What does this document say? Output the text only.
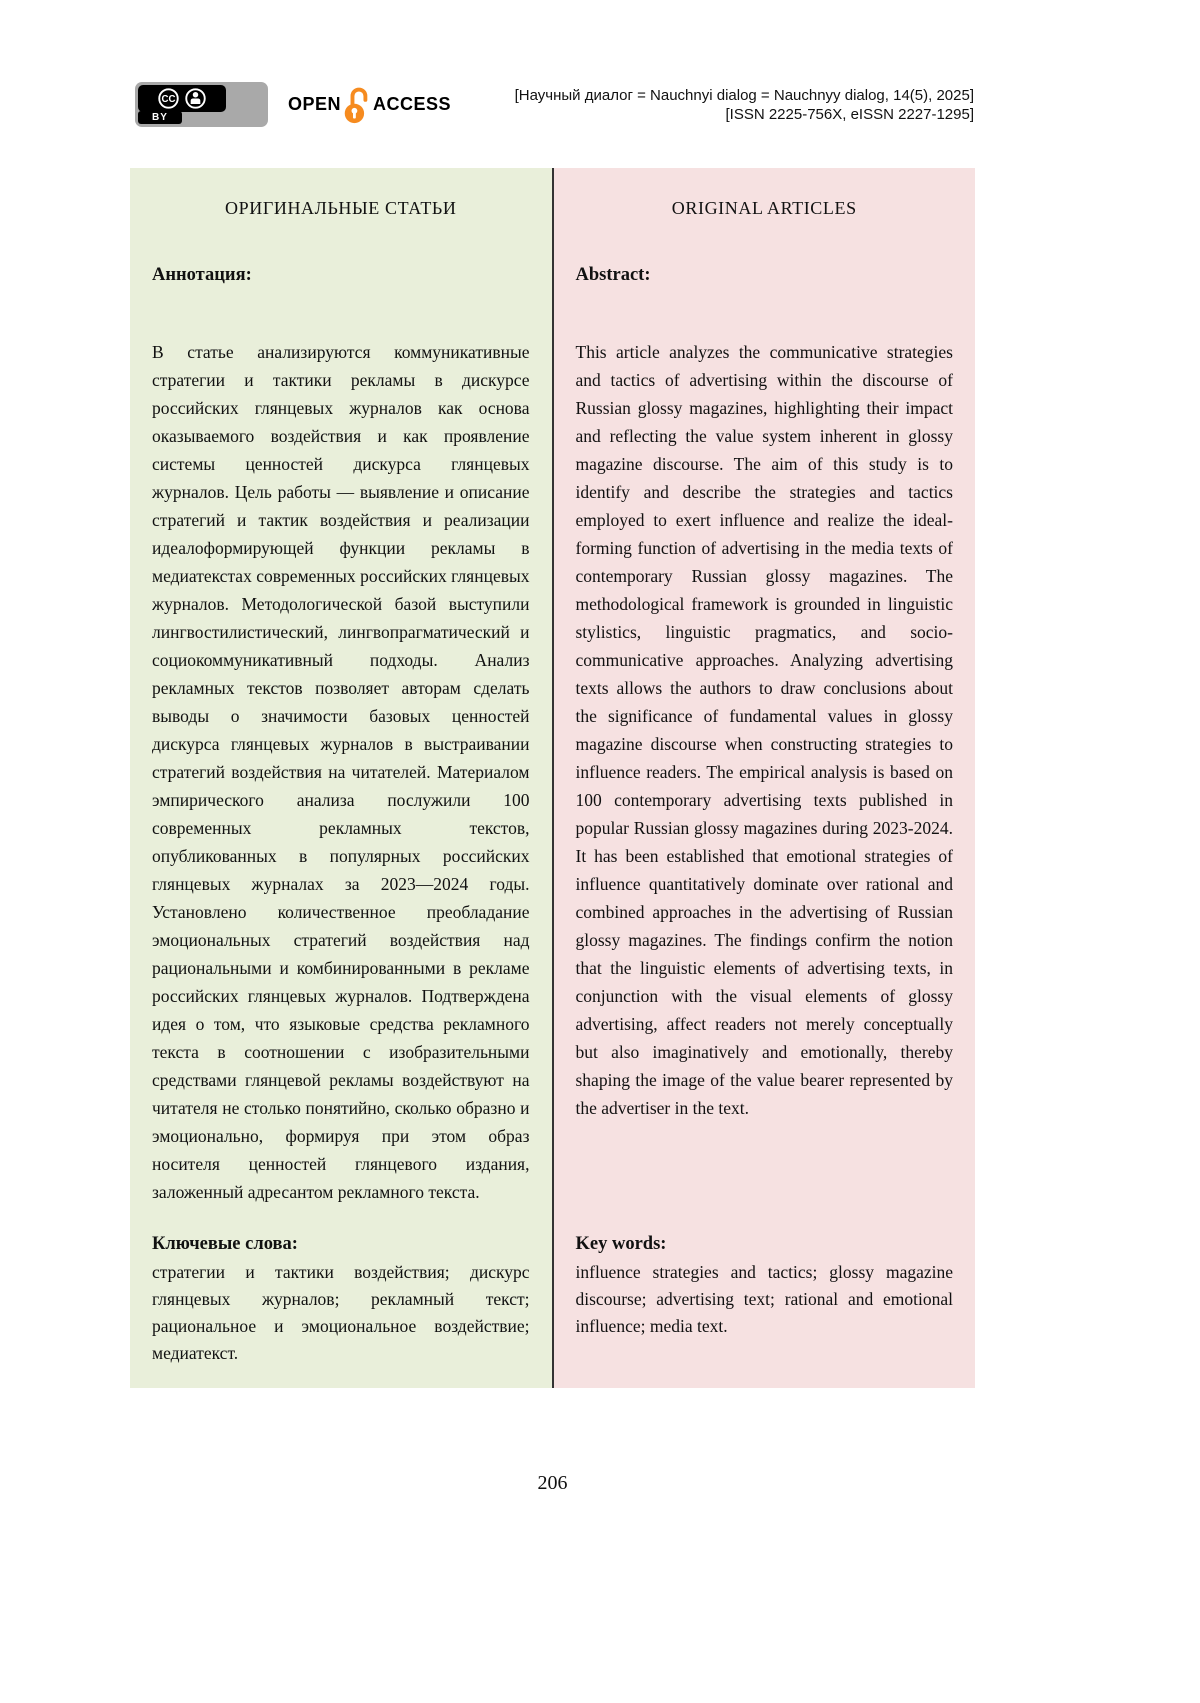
CC
BY
OPEN ACCESS	[Научный диалог = Nauchnyi dialog = Nauchnyy dialog, 14(5), 2025]
[ISSN 2225-756X, eISSN 2227-1295]
ОРИГИНАЛЬНЫЕ СТАТЬИ
Аннотация:
В статье анализируются коммуникативные стратегии и тактики рекламы в дискурсе российских глянцевых журналов как основа оказываемого воздействия и как проявление системы ценностей дискурса глянцевых журналов. Цель работы — выявление и описание стратегий и тактик воздействия и реализации идеалоформирующей функции рекламы в медиатекстах современных российских глянцевых журналов. Методологической базой выступили лингвостилистический, лингвопрагматический и социокоммуникативный подходы. Анализ рекламных текстов позволяет авторам сделать выводы о значимости базовых ценностей дискурса глянцевых журналов в выстраивании стратегий воздействия на читателей. Материалом эмпирического анализа послужили 100 современных рекламных текстов, опубликованных в популярных российских глянцевых журналах за 2023—2024 годы. Установлено количественное преобладание эмоциональных стратегий воздействия над рациональными и комбинированными в рекламе российских глянцевых журналов. Подтверждена идея о том, что языковые средства рекламного текста в соотношении с изобразительными средствами глянцевой рекламы воздействуют на читателя не столько понятийно, сколько образно и эмоционально, формируя при этом образ носителя ценностей глянцевого издания, заложенный адресантом рекламного текста.
Ключевые слова:
стратегии и тактики воздействия; дискурс глянцевых журналов; рекламный текст; рациональное и эмоциональное воздействие; медиатекст.
ORIGINAL ARTICLES
Abstract:
This article analyzes the communicative strategies and tactics of advertising within the discourse of Russian glossy magazines, highlighting their impact and reflecting the value system inherent in glossy magazine discourse. The aim of this study is to identify and describe the strategies and tactics employed to exert influence and realize the ideal-forming function of advertising in the media texts of contemporary Russian glossy magazines. The methodological framework is grounded in linguistic stylistics, linguistic pragmatics, and socio-communicative approaches. Analyzing advertising texts allows the authors to draw conclusions about the significance of fundamental values in glossy magazine discourse when constructing strategies to influence readers. The empirical analysis is based on 100 contemporary advertising texts published in popular Russian glossy magazines during 2023-2024. It has been established that emotional strategies of influence quantitatively dominate over rational and combined approaches in the advertising of Russian glossy magazines. The findings confirm the notion that the linguistic elements of advertising texts, in conjunction with the visual elements of glossy advertising, affect readers not merely conceptually but also imaginatively and emotionally, thereby shaping the image of the value bearer represented by the advertiser in the text.
Key words:
influence strategies and tactics; glossy magazine discourse; advertising text; rational and emotional influence; media text.
206
